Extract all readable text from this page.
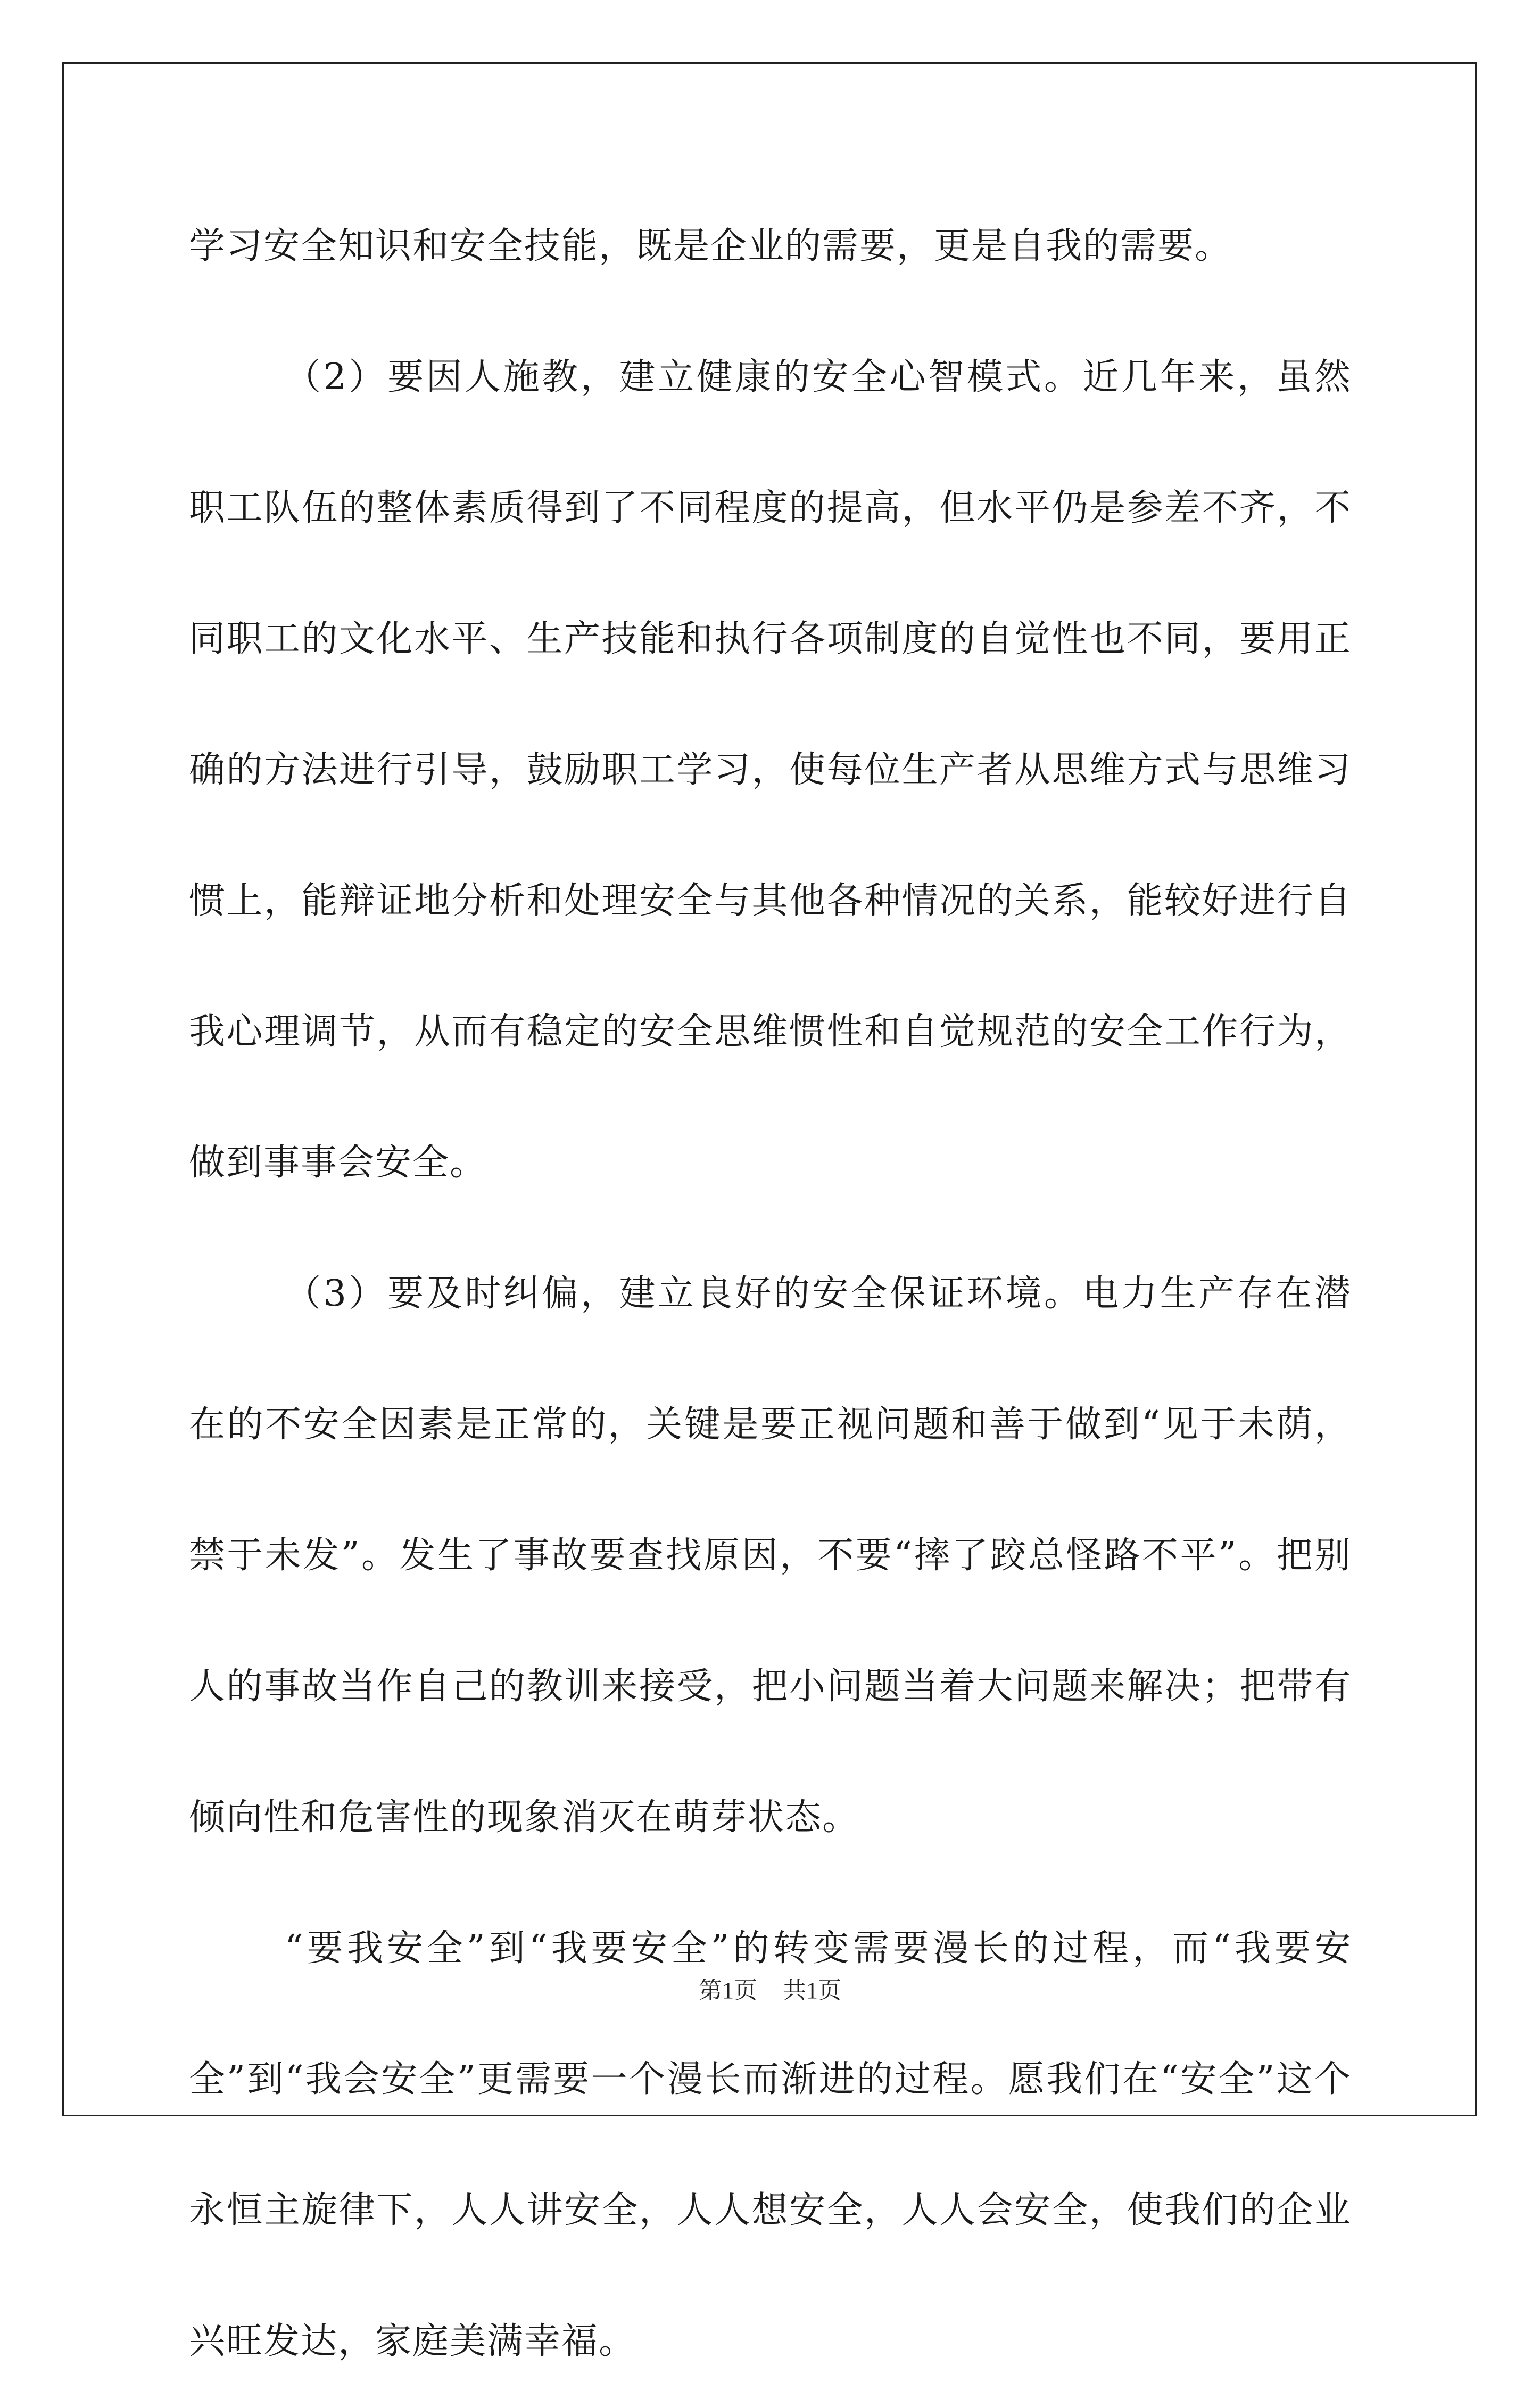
学习安全知识和安全技能，既是企业的需要，更是自我的需要。

（2）要因人施教，建立健康的安全心智模式。近几年来，虽然职工队伍的整体素质得到了不同程度的提高，但水平仍是参差不齐，不同职工的文化水平、生产技能和执行各项制度的自觉性也不同，要用正确的方法进行引导，鼓励职工学习，使每位生产者从思维方式与思维习惯上，能辩证地分析和处理安全与其他各种情况的关系，能较好进行自我心理调节，从而有稳定的安全思维惯性和自觉规范的安全工作行为，做到事事会安全。

（3）要及时纠偏，建立良好的安全保证环境。电力生产存在潜在的不安全因素是正常的，关键是要正视问题和善于做到“见于未荫，禁于未发”。发生了事故要查找原因，不要“摔了跤总怪路不平”。把别人的事故当作自己的教训来接受，把小问题当着大问题来解决；把带有倾向性和危害性的现象消灭在萌芽状态。

“要我安全”到“我要安全”的转变需要漫长的过程，而“我要安全”到“我会安全”更需要一个漫长而渐进的过程。愿我们在“安全”这个永恒主旋律下，人人讲安全，人人想安全，人人会安全，使我们的企业兴旺发达，家庭美满幸福。

第1页 共1页
